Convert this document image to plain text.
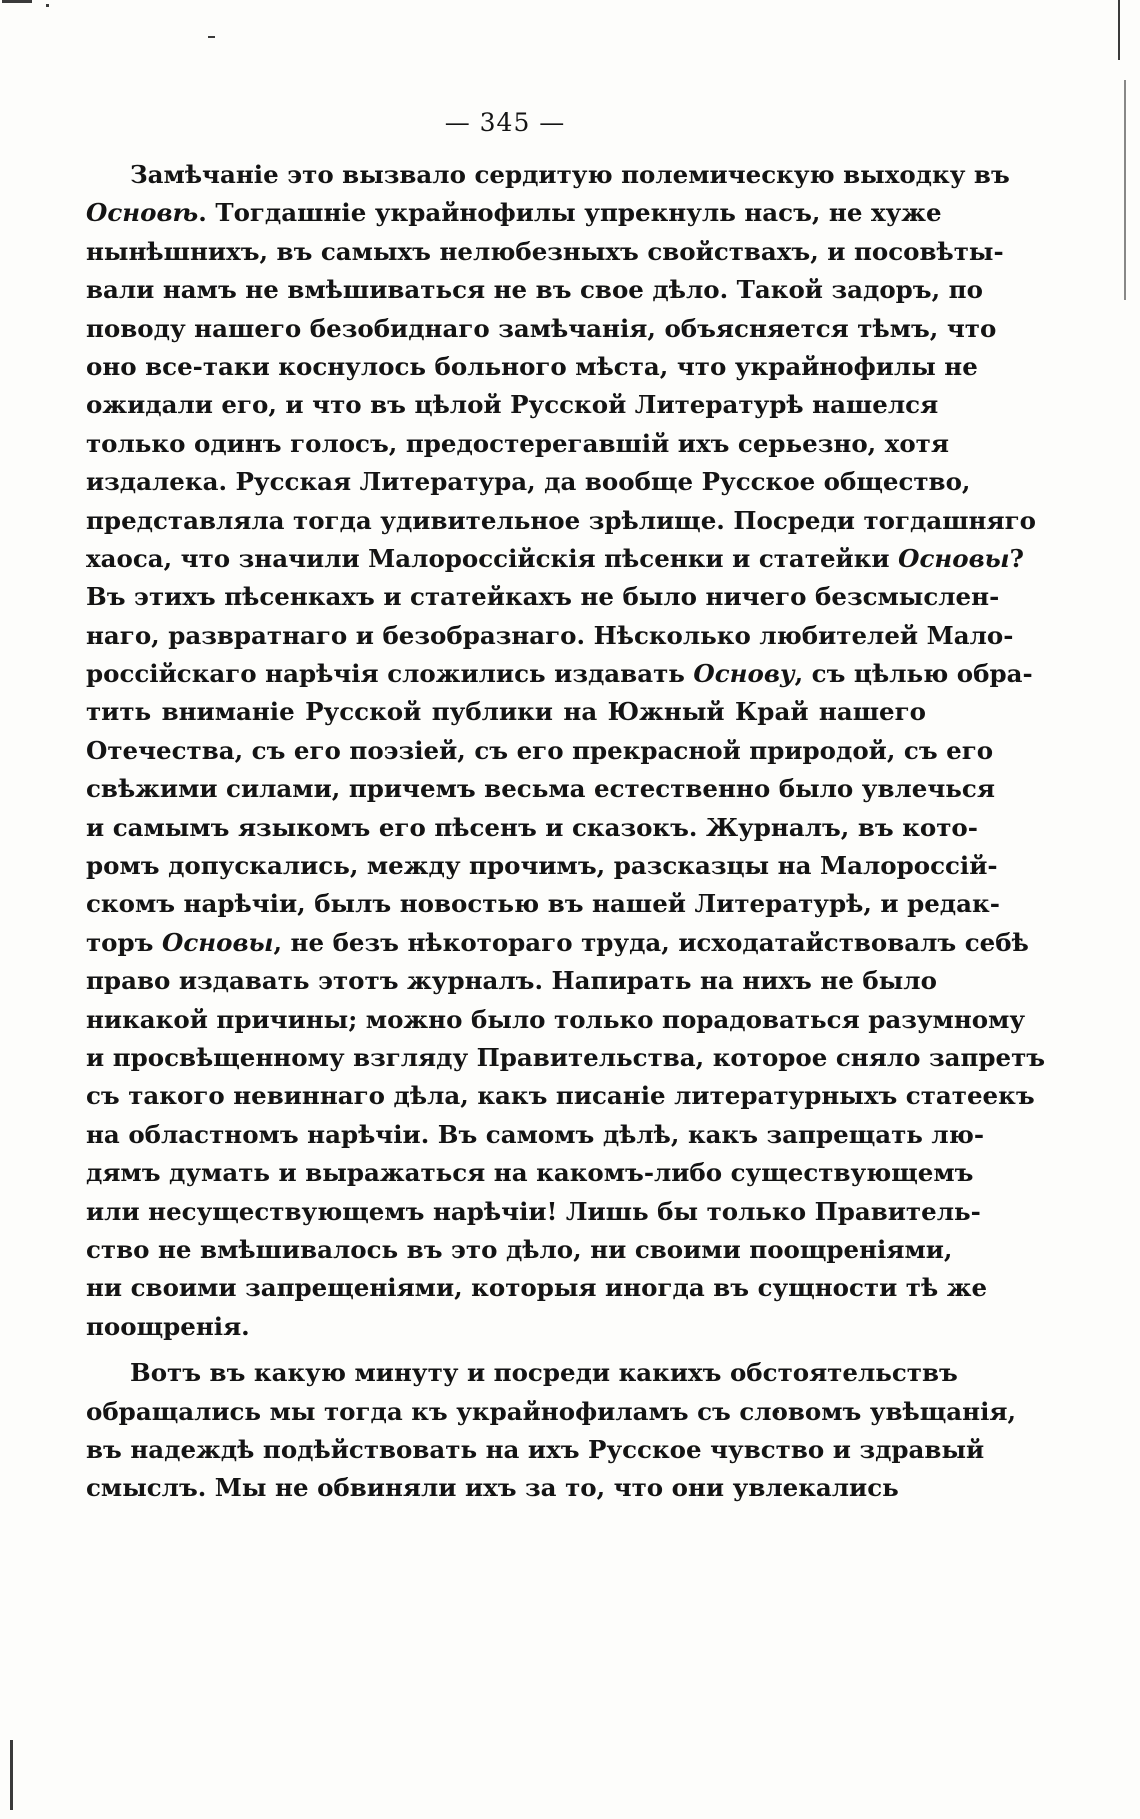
— 345 —
Замѣчаніе это вызвало сердитую полемическую выходку въ
Основѣ. Тогдашніе украйнофилы упрекнуль насъ, не хуже
нынѣшнихъ, въ самыхъ нелюбезныхъ свойствахъ, и посовѣты-
вали намъ не вмѣшиваться не въ свое дѣло. Такой задоръ, по
поводу нашего безобиднаго замѣчанія, объясняется тѣмъ, что
оно все-таки коснулось больного мѣста, что украйнофилы не
ожидали его, и что въ цѣлой Русской Литературѣ нашелся
только одинъ голосъ, предостерегавшій ихъ серьезно, хотя
издалека. Русская Литература, да вообще Русское общество,
представляла тогда удивительное зрѣлище. Посреди тогдашняго
хаоса, что значили Малороссійскія пѣсенки и статейки Основы?
Въ этихъ пѣсенкахъ и статейкахъ не было ничего безсмыслен-
наго, развратнаго и безобразнаго. Нѣсколько любителей Мало-
россійскаго нарѣчія сложились издавать Основу, съ цѣлью обра-
тить вниманіе Русской публики на Южный Край нашего
Отечества, съ его поэзіей, съ его прекрасной природой, съ его
свѣжими силами, причемъ весьма естественно было увлечься
и самымъ языкомъ его пѣсенъ и сказокъ. Журналъ, въ кото-
ромъ допускались, между прочимъ, разсказцы на Малороссій-
скомъ нарѣчіи, былъ новостью въ нашей Литературѣ, и редак-
торъ Основы, не безъ нѣкотораго труда, исходатайствовалъ себѣ
право издавать этотъ журналъ. Напирать на нихъ не было
никакой причины; можно было только порадоваться разумному
и просвѣщенному взгляду Правительства, которое сняло запретъ
съ такого невиннаго дѣла, какъ писаніе литературныхъ статеекъ
на областномъ нарѣчіи. Въ самомъ дѣлѣ, какъ запрещать лю-
дямъ думать и выражаться на какомъ-либо существующемъ
или несуществующемъ нарѣчіи! Лишь бы только Правитель-
ство не вмѣшивалось въ это дѣло, ни своими поощреніями,
ни своими запрещеніями, которыя иногда въ сущности тѣ же
поощренія.
Вотъ въ какую минуту и посреди какихъ обстоятельствъ
обращались мы тогда къ украйнофиламъ съ словомъ увѣщанія,
въ надеждѣ подѣйствовать на ихъ Русское чувство и здравый
смыслъ. Мы не обвиняли ихъ за то, что они увлекались
